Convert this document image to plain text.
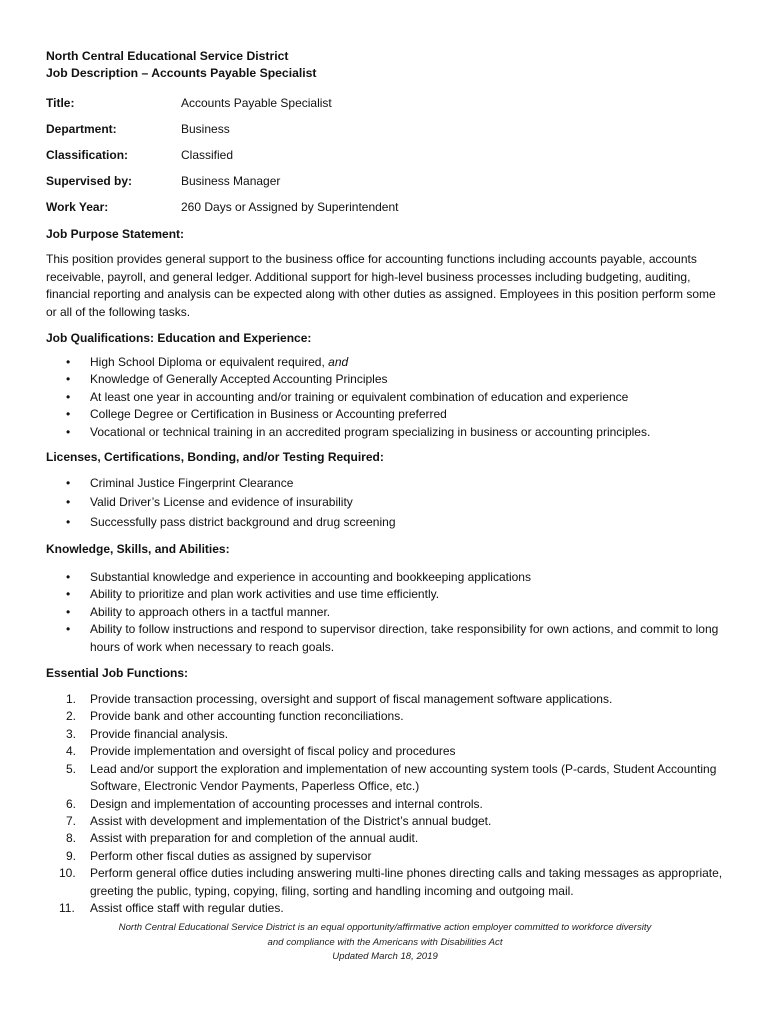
North Central Educational Service District
Job Description – Accounts Payable Specialist
Title:	Accounts Payable Specialist
Department:	Business
Classification:	Classified
Supervised by:	Business Manager
Work Year:	260 Days or Assigned by Superintendent
Job Purpose Statement:

This position provides general support to the business office for accounting functions including accounts payable, accounts receivable, payroll, and general ledger. Additional support for high-level business processes including budgeting, auditing, financial reporting and analysis can be expected along with other duties as assigned. Employees in this position perform some or all of the following tasks.

Job Qualifications: Education and Experience:
• High School Diploma or equivalent required, and
• Knowledge of Generally Accepted Accounting Principles
• At least one year in accounting and/or training or equivalent combination of education and experience
• College Degree or Certification in Business or Accounting preferred
• Vocational or technical training in an accredited program specializing in business or accounting principles.
Licenses, Certifications, Bonding, and/or Testing Required:
• Criminal Justice Fingerprint Clearance
• Valid Driver’s License and evidence of insurability
• Successfully pass district background and drug screening
Knowledge, Skills, and Abilities:
• Substantial knowledge and experience in accounting and bookkeeping applications
• Ability to prioritize and plan work activities and use time efficiently.
• Ability to approach others in a tactful manner.
• Ability to follow instructions and respond to supervisor direction, take responsibility for own actions, and commit to long hours of work when necessary to reach goals.
Essential Job Functions:
1. Provide transaction processing, oversight and support of fiscal management software applications.
2. Provide bank and other accounting function reconciliations.
3. Provide financial analysis.
4. Provide implementation and oversight of fiscal policy and procedures
5. Lead and/or support the exploration and implementation of new accounting system tools (P-cards, Student Accounting Software, Electronic Vendor Payments, Paperless Office, etc.)
6. Design and implementation of accounting processes and internal controls.
7. Assist with development and implementation of the District’s annual budget.
8. Assist with preparation for and completion of the annual audit.
9. Perform other fiscal duties as assigned by supervisor
10. Perform general office duties including answering multi-line phones directing calls and taking messages as appropriate, greeting the public, typing, copying, filing, sorting and handling incoming and outgoing mail.
11. Assist office staff with regular duties.
North Central Educational Service District is an equal opportunity/affirmative action employer committed to workforce diversity
and compliance with the Americans with Disabilities Act
Updated March 18, 2019
